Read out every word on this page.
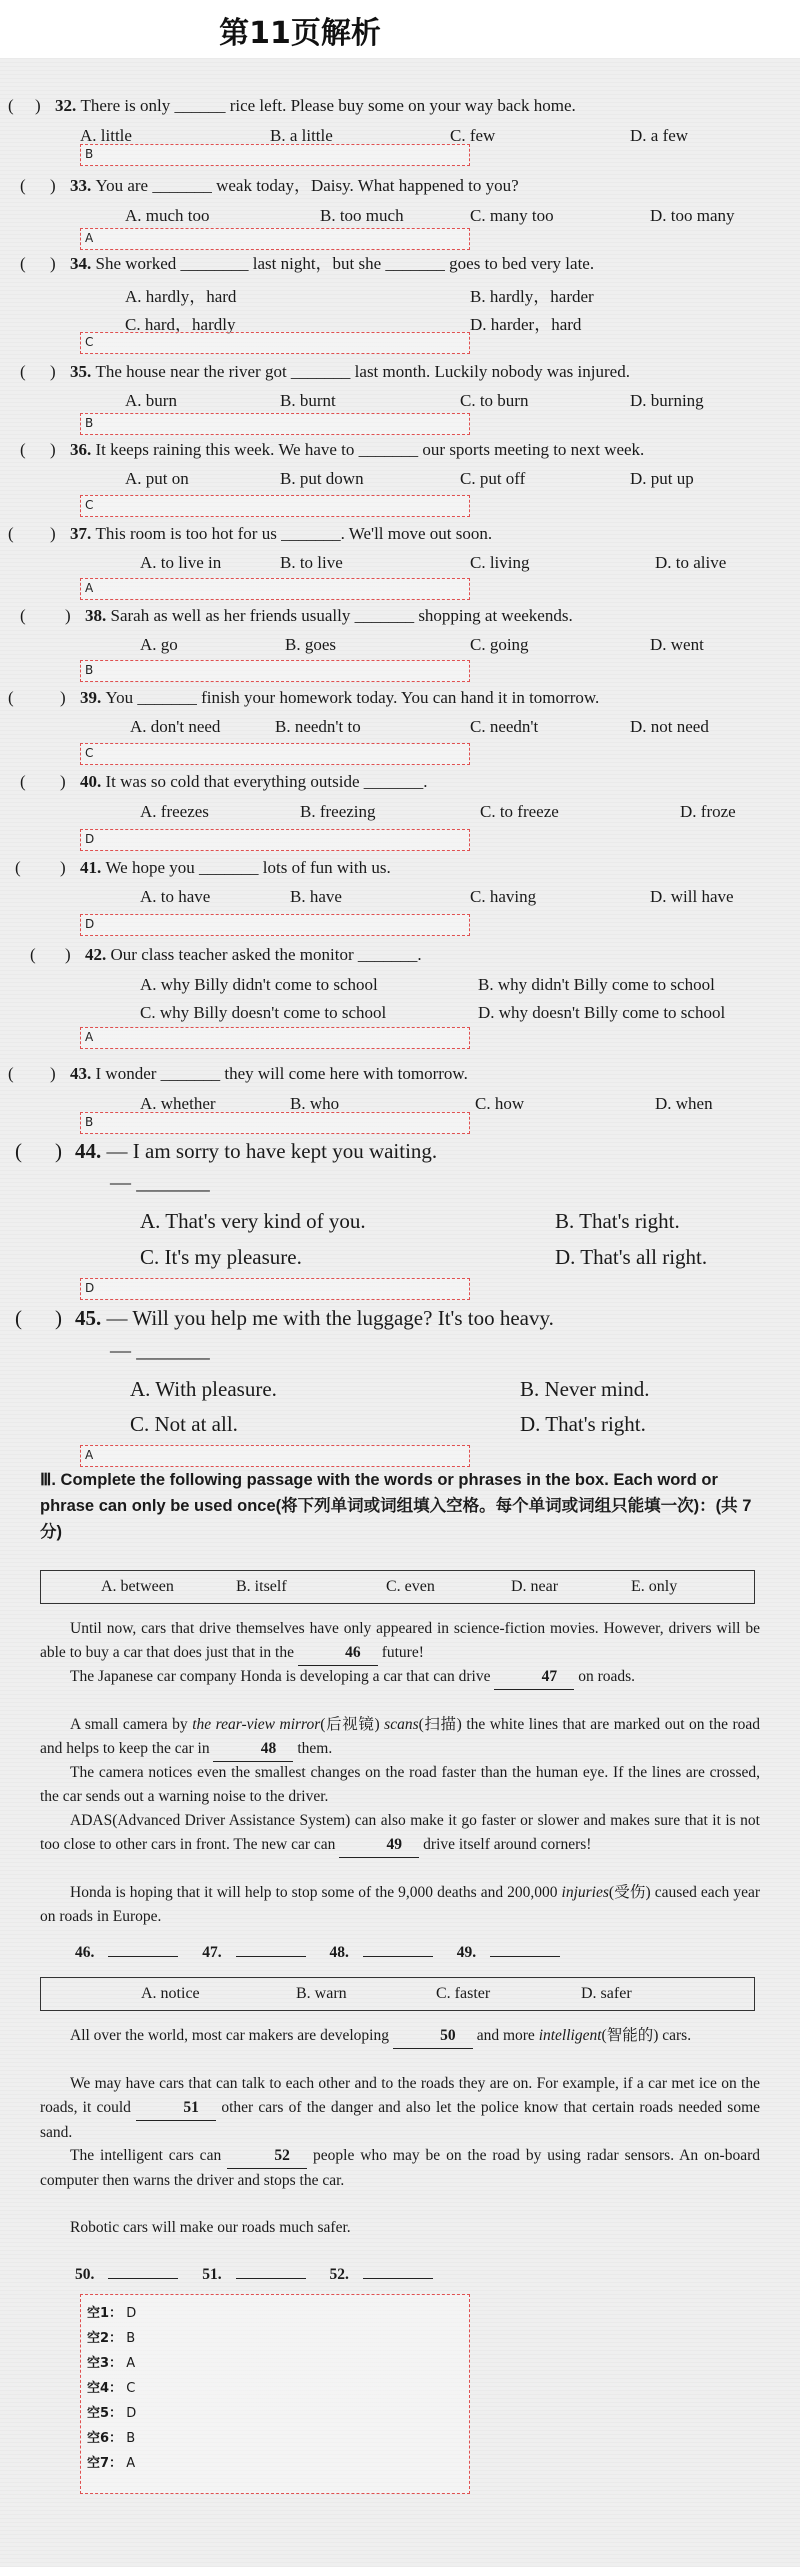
第11页解析
( ) 32. There is only ______ rice left. Please buy some on your way back home.
A. little	B. a little	C. few	D. a few
B
( ) 33. You are _______ weak today，Daisy. What happened to you?
A. much too	B. too much	C. many too	D. too many
A
( ) 34. She worked ________ last night，but she _______ goes to bed very late.
A. hardly，hard	B. hardly，harder
C. hard，hardly	D. harder，hard
C
( ) 35. The house near the river got _______ last month. Luckily nobody was injured.
A. burn	B. burnt	C. to burn	D. burning
B
( ) 36. It keeps raining this week. We have to _______ our sports meeting to next week.
A. put on	B. put down	C. put off	D. put up
C
( ) 37. This room is too hot for us _______. We'll move out soon.
A. to live in	B. to live	C. living	D. to alive
A
( ) 38. Sarah as well as her friends usually _______ shopping at weekends.
A. go	B. goes	C. going	D. went
B
(	) 39. You _______ finish your homework today. You can hand it in tomorrow.
A. don't need	B. needn't to	C. needn't	D. not need
C
( ) 40. It was so cold that everything outside _______.
A. freezes	B. freezing	C. to freeze	D. froze
D
( ) 41. We hope you _______ lots of fun with us.
A. to have	B. have	C. having	D. will have
D
( ) 42. Our class teacher asked the monitor _______.
A. why Billy didn't come to school	B. why didn't Billy come to school
C. why Billy doesn't come to school	D. why doesn't Billy come to school
A
( ) 43. I wonder _______ they will come here with tomorrow.
A. whether	B. who	C. how	D. when
B
( ) 44. — I am sorry to have kept you waiting.
— _______
A. That's very kind of you.	B. That's right.
C. It's my pleasure.	D. That's all right.
D
( ) 45. — Will you help me with the luggage? It's too heavy.
— _______
A. With pleasure.	B. Never mind.
C. Not at all.	D. That's right.
A
Ⅲ. Complete the following passage with the words or phrases in the box. Each word or phrase can only be used once(将下列单词或词组填入空格。每个单词或词组只能填一次)：(共 7 分)
A. between	B. itself	C. even	D. near	E. only
Until now, cars that drive themselves have only appeared in science-fiction movies. However, drivers will be able to buy a car that does just that in the	46 future!
The Japanese car company Honda is developing a car that can drive	47 on roads.
A small camera by the rear-view mirror(后视镜) scans(扫描) the white lines that are marked out on the road and helps to keep the car in	48 them.
The camera notices even the smallest changes on the road faster than the human eye. If the lines are crossed, the car sends out a warning noise to the driver.
ADAS(Advanced Driver Assistance System) can also make it go faster or slower and makes sure that it is not too close to other cars in front. The new car can	49 drive itself around corners!
Honda is hoping that it will help to stop some of the 9,000 deaths and 200,000 injuries(受伤) caused each year on roads in Europe.
46.	47.	48.	49.
A. notice	B. warn	C. faster	D. safer
All over the world, most car makers are developing	50 and more intelligent(智能的) cars.
We may have cars that can talk to each other and to the roads they are on. For example, if a car met ice on the roads, it could	51 other cars of the danger and also let the police know that certain roads needed some sand.
The intelligent cars can	52 people who may be on the road by using radar sensors. An on-board computer then warns the driver and stops the car.
Robotic cars will make our roads much safer.
50.	51.	52.
空1： D
空2： B
空3： A
空4： C
空5： D
空6： B
空7： A
